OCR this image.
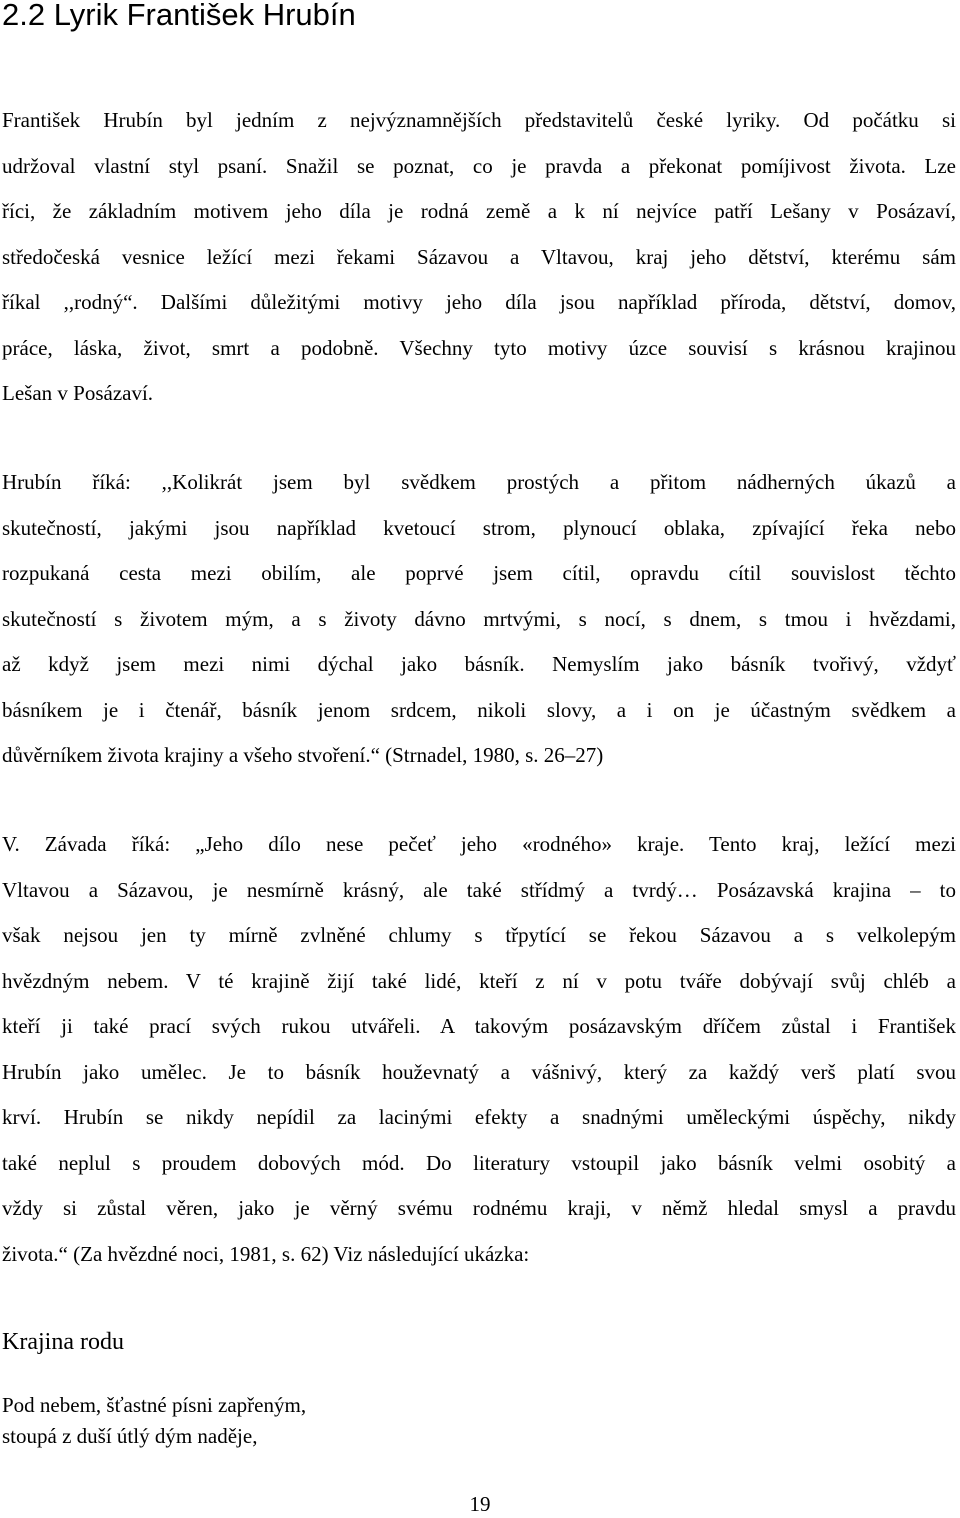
2.2 Lyrik František Hrubín
František Hrubín byl jedním z nejvýznamnějších představitelů české lyriky. Od počátku si
udržoval vlastní styl psaní. Snažil se poznat, co je pravda a překonat pomíjivost života. Lze
říci, že základním motivem jeho díla je rodná země a k ní nejvíce patří Lešany v Posázaví,
středočeská vesnice ležící mezi řekami Sázavou a Vltavou, kraj jeho dětství, kterému sám
říkal ,,rodný“. Dalšími důležitými motivy jeho díla jsou například příroda, dětství, domov,
práce, láska, život, smrt a podobně. Všechny tyto motivy úzce souvisí s krásnou krajinou
Lešan v Posázaví.
Hrubín říká: ,,Kolikrát jsem byl svědkem prostých a přitom nádherných úkazů a
skutečností, jakými jsou například kvetoucí strom, plynoucí oblaka, zpívající řeka nebo
rozpukaná cesta mezi obilím, ale poprvé jsem cítil, opravdu cítil souvislost těchto
skutečností s životem mým, a s životy dávno mrtvými, s nocí, s dnem, s tmou i hvězdami,
až když jsem mezi nimi dýchal jako básník. Nemyslím jako básník tvořivý, vždyť
básníkem je i čtenář, básník jenom srdcem, nikoli slovy, a i on je účastným svědkem a
důvěrníkem života krajiny a všeho stvoření.“ (Strnadel, 1980, s. 26–27)
V. Závada říká: „Jeho dílo nese pečeť jeho «rodného» kraje. Tento kraj, ležící mezi
Vltavou a Sázavou, je nesmírně krásný, ale také střídmý a tvrdý… Posázavská krajina – to
však nejsou jen ty mírně zvlněné chlumy s třpytící se řekou Sázavou a s velkolepým
hvězdným nebem. V té krajině žijí také lidé, kteří z ní v potu tváře dobývají svůj chléb a
kteří ji také prací svých rukou utvářeli. A takovým posázavským dříčem zůstal i František
Hrubín jako umělec. Je to básník houževnatý a vášnivý, který za každý verš platí svou
krví. Hrubín se nikdy nepídil za lacinými efekty a snadnými uměleckými úspěchy, nikdy
také neplul s proudem dobových mód. Do literatury vstoupil jako básník velmi osobitý a
vždy si zůstal věren, jako je věrný svému rodnému kraji, v němž hledal smysl a pravdu
života.“ (Za hvězdné noci, 1981, s. 62) Viz následující ukázka:
Krajina rodu
Pod nebem, šťastné písni zapřeným,
stoupá z duší útlý dým naděje,
19
